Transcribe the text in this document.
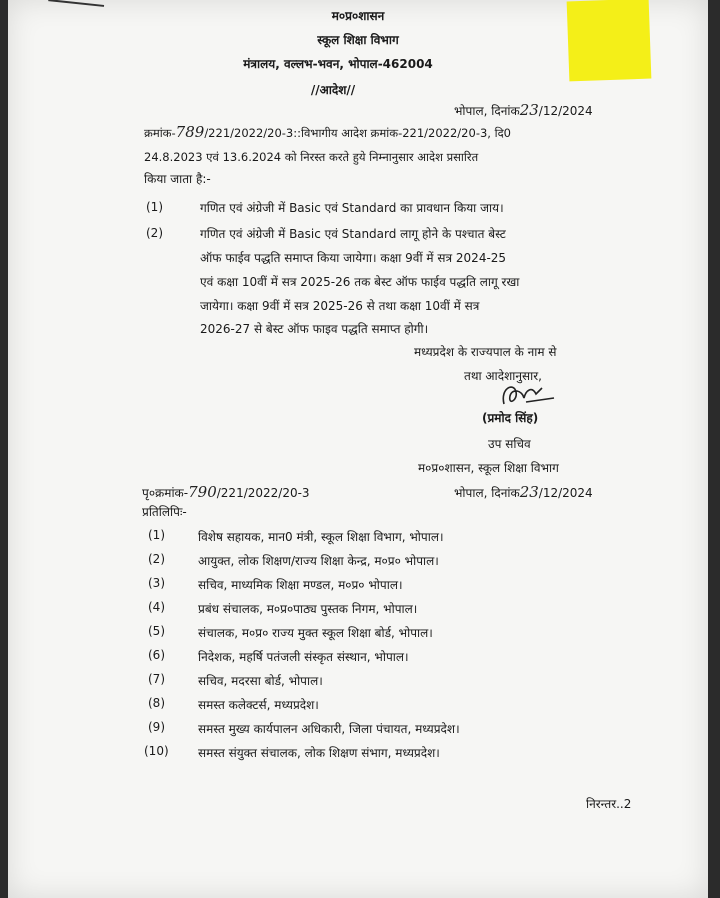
म०प्र०शासन
स्कूल शिक्षा विभाग
मंत्रालय, वल्लभ-भवन, भोपाल-462004
//आदेश//
भोपाल, दिनांक23/12/2024
क्रमांक-789/221/2022/20-3::विभागीय आदेश क्रमांक-221/2022/20-3, दि0
24.8.2023 एवं 13.6.2024 को निरस्त करते हुये निम्नानुसार आदेश प्रसारित
किया जाता है:-
(1)	गणित एवं अंग्रेजी में Basic एवं Standard का प्रावधान किया जाय।
(2)	गणित एवं अंग्रेजी में Basic एवं Standard लागू होने के पश्चात बेस्ट
ऑफ फाईव पद्धति समाप्त किया जायेगा। कक्षा 9वीं में सत्र 2024-25
एवं कक्षा 10वीं में सत्र 2025-26 तक बेस्ट ऑफ फाईव पद्धति लागू रखा
जायेगा। कक्षा 9वीं में सत्र 2025-26 से तथा कक्षा 10वीं में सत्र
2026-27 से बेस्ट ऑफ फाइव पद्धति समाप्त होगी।
मध्यप्रदेश के राज्यपाल के नाम से
तथा आदेशानुसार,
(प्रमोद सिंह)
उप सचिव
म०प्र०शासन, स्कूल शिक्षा विभाग
पृ०क्रमांक-790/221/2022/20-3	भोपाल, दिनांक23/12/2024
प्रतिलिपिः-
(1)	विशेष सहायक, मान0 मंत्री, स्कूल शिक्षा विभाग, भोपाल।
(2)	आयुक्त, लोक शिक्षण/राज्य शिक्षा केन्द्र, म०प्र० भोपाल।
(3)	सचिव, माध्यमिक शिक्षा मण्डल, म०प्र० भोपाल।
(4)	प्रबंध संचालक, म०प्र०पाठ्य पुस्तक निगम, भोपाल।
(5)	संचालक, म०प्र० राज्य मुक्त स्कूल शिक्षा बोर्ड, भोपाल।
(6)	निदेशक, महर्षि पतंजली संस्कृत संस्थान, भोपाल।
(7)	सचिव, मदरसा बोर्ड, भोपाल।
(8)	समस्त कलेक्टर्स, मध्यप्रदेश।
(9)	समस्त मुख्य कार्यपालन अधिकारी, जिला पंचायत, मध्यप्रदेश।
(10) समस्त संयुक्त संचालक, लोक शिक्षण संभाग, मध्यप्रदेश।
निरन्तर..2
